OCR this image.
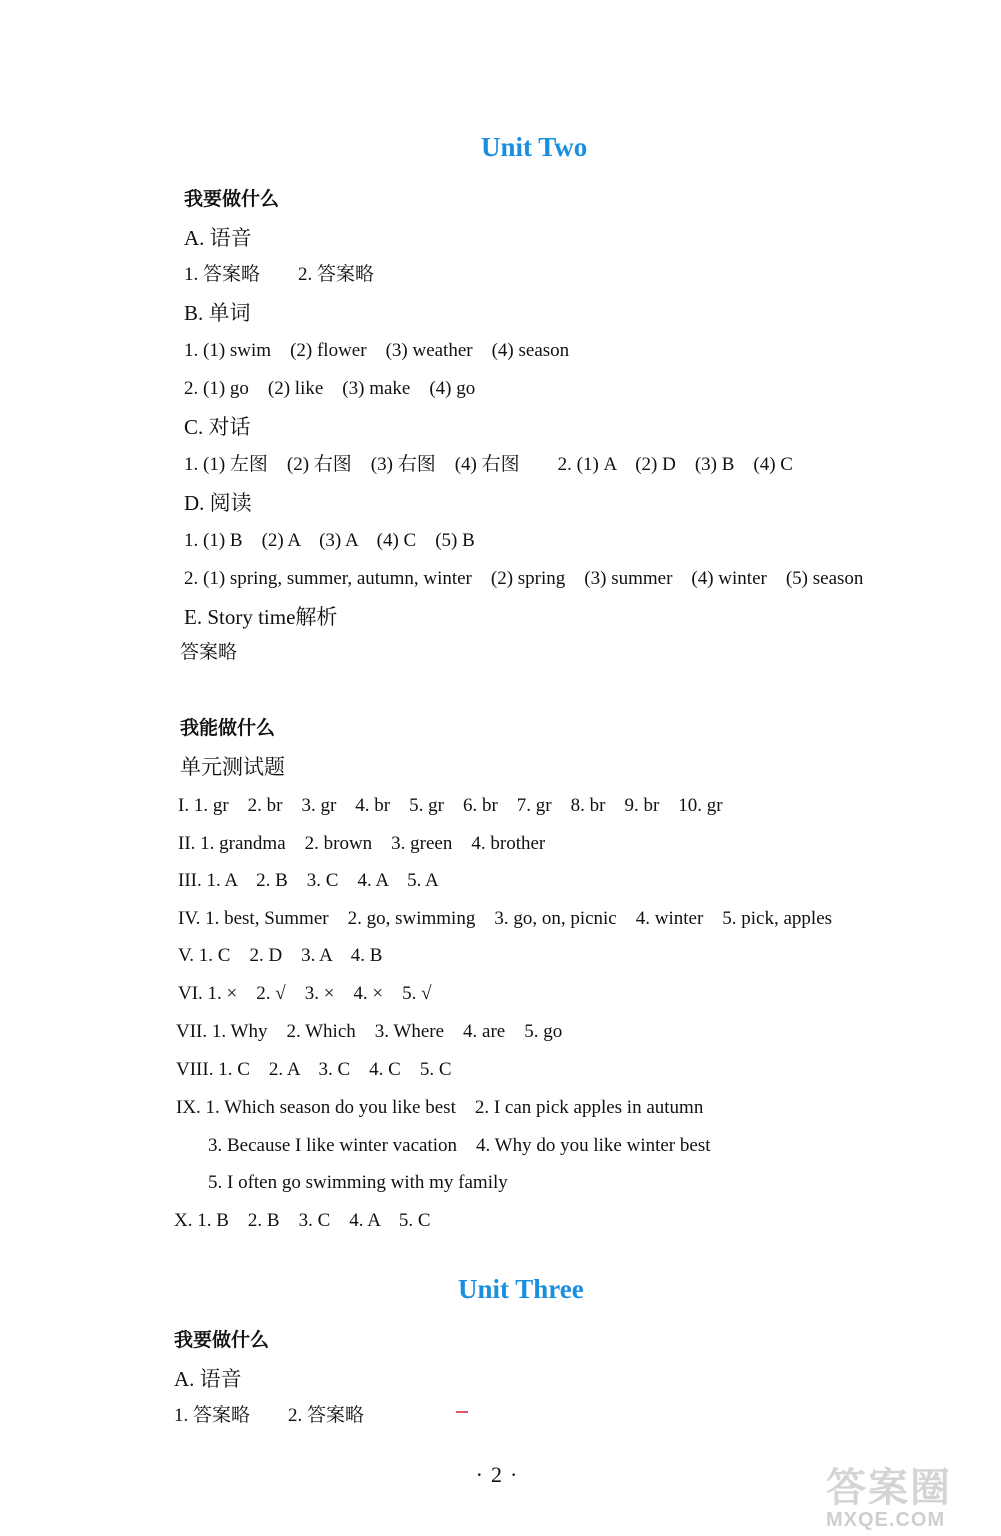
Unit Two
我要做什么
A. 语音
1. 答案略　　2. 答案略
B. 单词
1. (1) swim　(2) flower　(3) weather　(4) season
2. (1) go　(2) like　(3) make　(4) go
C. 对话
1. (1) 左图　(2) 右图　(3) 右图　(4) 右图　　2. (1) A　(2) D　(3) B　(4) C
D. 阅读
1. (1) B　(2) A　(3) A　(4) C　(5) B
2. (1) spring, summer, autumn, winter　(2) spring　(3) summer　(4) winter　(5) season
E. Story time解析
答案略
我能做什么
单元测试题
I. 1. gr　2. br　3. gr　4. br　5. gr　6. br　7. gr　8. br　9. br　10. gr
II. 1. grandma　2. brown　3. green　4. brother
III. 1. A　2. B　3. C　4. A　5. A
IV. 1. best, Summer　2. go, swimming　3. go, on, picnic　4. winter　5. pick, apples
V. 1. C　2. D　3. A　4. B
VI. 1. ×　2. √　3. ×　4. ×　5. √
VII. 1. Why　2. Which　3. Where　4. are　5. go
VIII. 1. C　2. A　3. C　4. C　5. C
IX. 1. Which season do you like best　2. I can pick apples in autumn
3. Because I like winter vacation　4. Why do you like winter best
5. I often go swimming with my family
X. 1. B　2. B　3. C　4. A　5. C
Unit Three
我要做什么
A. 语音
1. 答案略　　2. 答案略
·2·	答案圈
MXQE.COM
